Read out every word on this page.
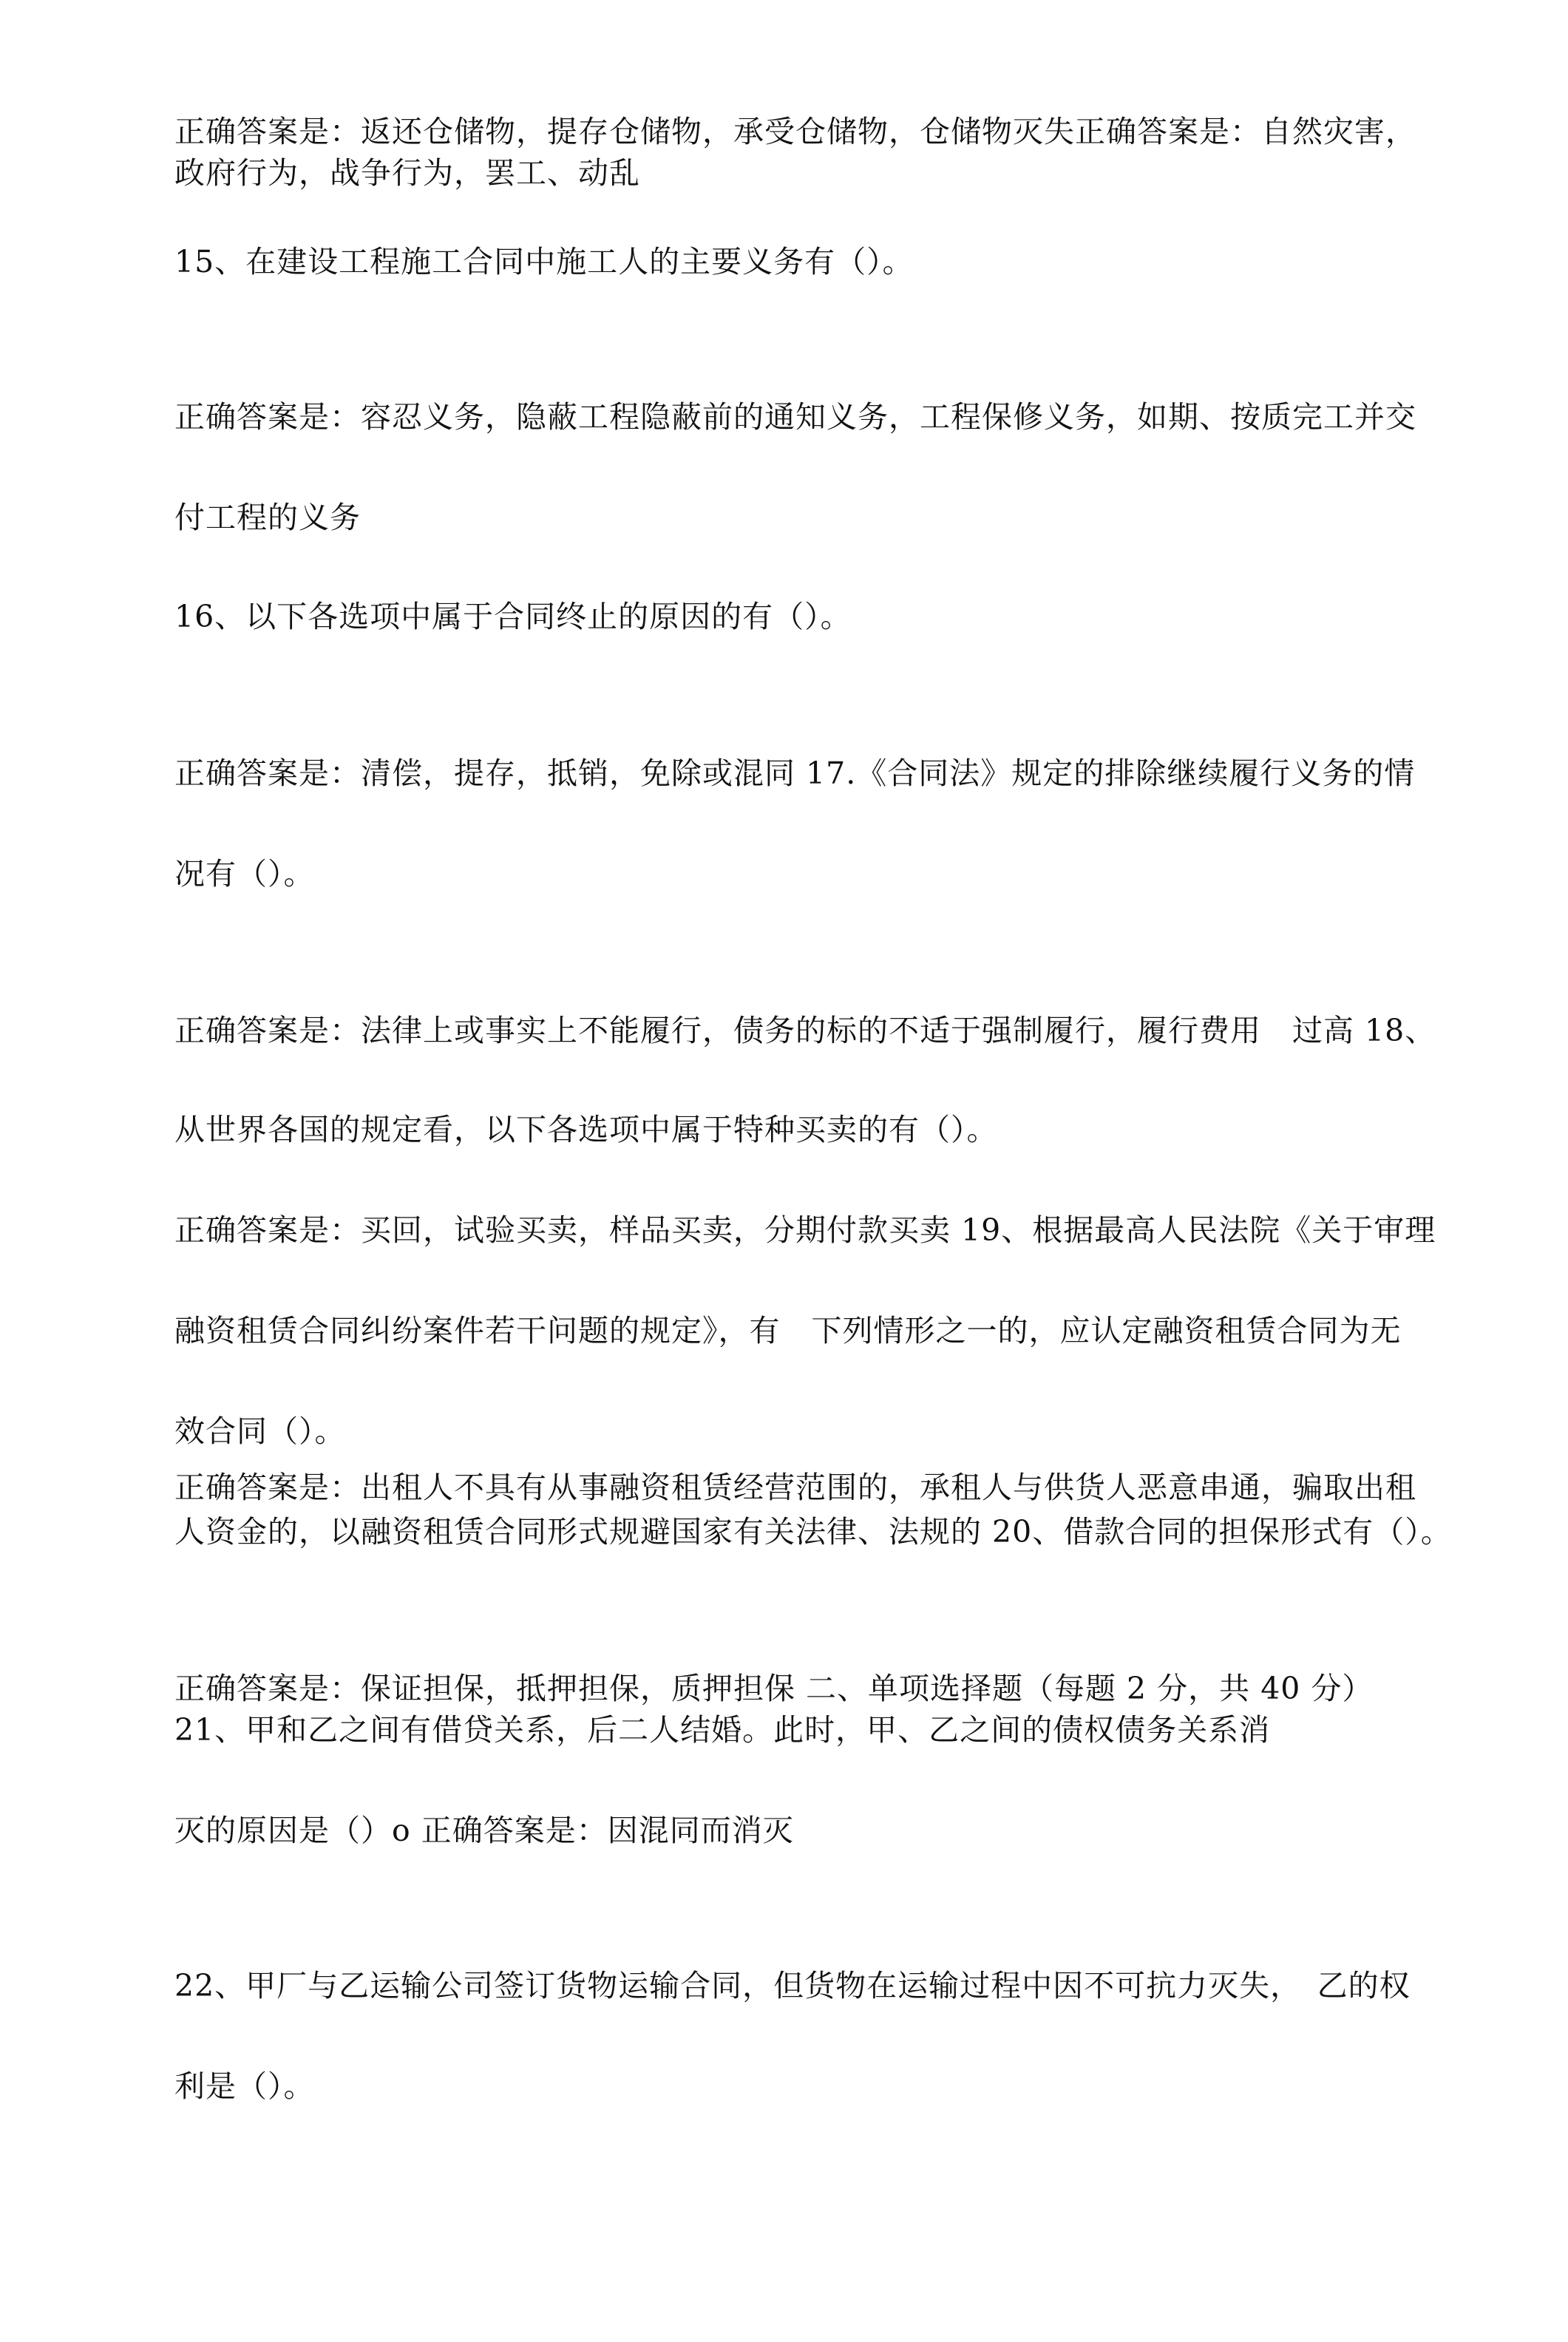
正确答案是：返还仓储物，提存仓储物，承受仓储物，仓储物灭失正确答案是：自然灾害，
政府行为，战争行为，罢工、动乱
15、在建设工程施工合同中施工人的主要义务有（）。
正确答案是：容忍义务，隐蔽工程隐蔽前的通知义务，工程保修义务，如期、按质完工并交
付工程的义务
16、以下各选项中属于合同终止的原因的有（）。
正确答案是：清偿，提存，抵销，免除或混同 17.《合同法》规定的排除继续履行义务的情
况有（）。
正确答案是：法律上或事实上不能履行，债务的标的不适于强制履行，履行费用　过高 18、
从世界各国的规定看，以下各选项中属于特种买卖的有（）。
正确答案是：买回，试验买卖，样品买卖，分期付款买卖 19、根据最高人民法院《关于审理
融资租赁合同纠纷案件若干问题的规定》，有　下列情形之一的，应认定融资租赁合同为无
效合同（）。
正确答案是：出租人不具有从事融资租赁经营范围的，承租人与供货人恶意串通，骗取出租
人资金的，以融资租赁合同形式规避国家有关法律、法规的 20、借款合同的担保形式有（）。
正确答案是：保证担保，抵押担保，质押担保 二、单项选择题（每题 2 分，共 40 分）
21、甲和乙之间有借贷关系，后二人结婚。此时，甲、乙之间的债权债务关系消
灭的原因是（）o 正确答案是：因混同而消灭
22、甲厂与乙运输公司签订货物运输合同，但货物在运输过程中因不可抗力灭失，　乙的权
利是（）。
